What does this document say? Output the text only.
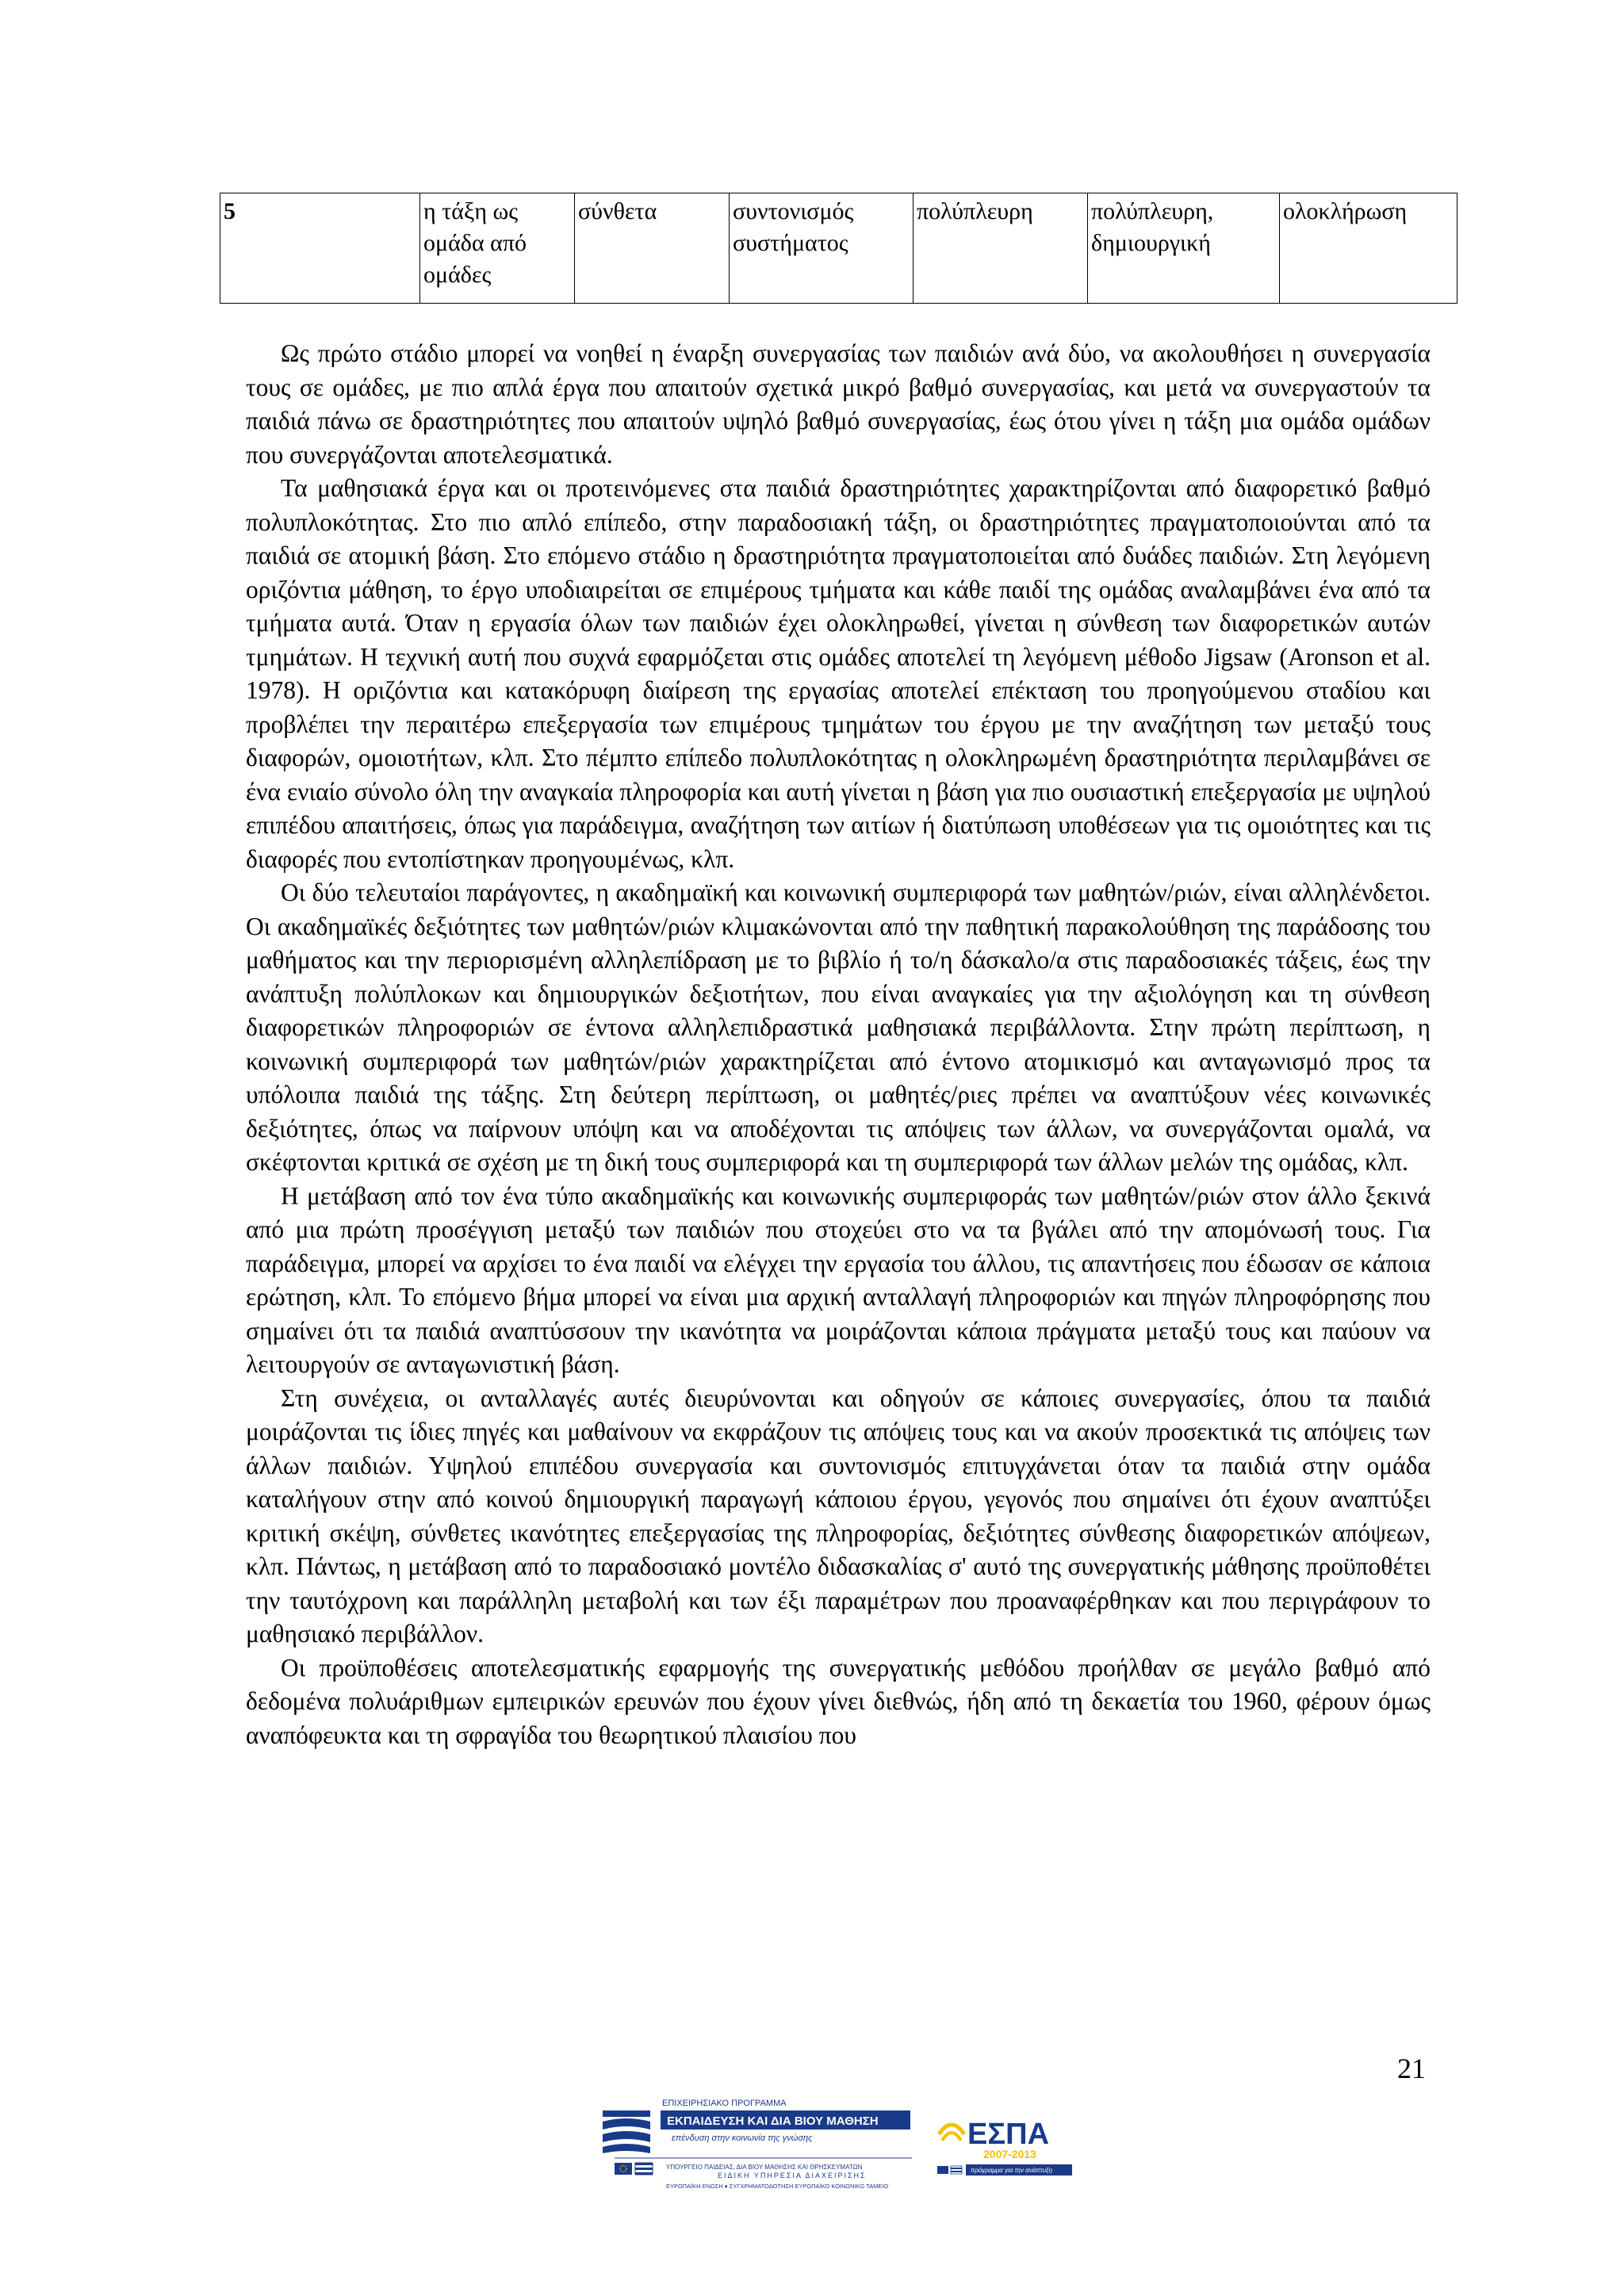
5	η τάξη ως ομάδα από ομάδες	σύνθετα	συντονισμός συστήματος	πολύπλευρη	πολύπλευρη, δημιουργική	ολοκλήρωση

Ως πρώτο στάδιο μπορεί να νοηθεί η έναρξη συνεργασίας των παιδιών ανά δύο, να ακολουθήσει η συνεργασία τους σε ομάδες, με πιο απλά έργα που απαιτούν σχετικά μικρό βαθμό συνεργασίας, και μετά να συνεργαστούν τα παιδιά πάνω σε δραστηριότητες που απαιτούν υψηλό βαθμό συνεργασίας, έως ότου γίνει η τάξη μια ομάδα ομάδων που συνεργάζονται αποτελεσματικά.

Τα μαθησιακά έργα και οι προτεινόμενες στα παιδιά δραστηριότητες χαρακτηρίζονται από διαφορετικό βαθμό πολυπλοκότητας. Στο πιο απλό επίπεδο, στην παραδοσιακή τάξη, οι δραστηριότητες πραγματοποιούνται από τα παιδιά σε ατομική βάση. Στο επόμενο στάδιο η δραστηριότητα πραγματοποιείται από δυάδες παιδιών. Στη λεγόμενη οριζόντια μάθηση, το έργο υποδιαιρείται σε επιμέρους τμήματα και κάθε παιδί της ομάδας αναλαμβάνει ένα από τα τμήματα αυτά. Όταν η εργασία όλων των παιδιών έχει ολοκληρωθεί, γίνεται η σύνθεση των διαφορετικών αυτών τμημάτων. Η τεχνική αυτή που συχνά εφαρμόζεται στις ομάδες αποτελεί τη λεγόμενη μέθοδο Jigsaw (Aronson et al. 1978). Η οριζόντια και κατακόρυφη διαίρεση της εργασίας αποτελεί επέκταση του προηγούμενου σταδίου και προβλέπει την περαιτέρω επεξεργασία των επιμέρους τμημάτων του έργου με την αναζήτηση των μεταξύ τους διαφορών, ομοιοτήτων, κλπ. Στο πέμπτο επίπεδο πολυπλοκότητας η ολοκληρωμένη δραστηριότητα περιλαμβάνει σε ένα ενιαίο σύνολο όλη την αναγκαία πληροφορία και αυτή γίνεται η βάση για πιο ουσιαστική επεξεργασία με υψηλού επιπέδου απαιτήσεις, όπως για παράδειγμα, αναζήτηση των αιτίων ή διατύπωση υποθέσεων για τις ομοιότητες και τις διαφορές που εντοπίστηκαν προηγουμένως, κλπ.

Οι δύο τελευταίοι παράγοντες, η ακαδημαϊκή και κοινωνική συμπεριφορά των μαθητών/ριών, είναι αλληλένδετοι. Οι ακαδημαϊκές δεξιότητες των μαθητών/ριών κλιμακώνονται από την παθητική παρακολούθηση της παράδοσης του μαθήματος και την περιορισμένη αλληλεπίδραση με το βιβλίο ή το/η δάσκαλο/α στις παραδοσιακές τάξεις, έως την ανάπτυξη πολύπλοκων και δημιουργικών δεξιοτήτων, που είναι αναγκαίες για την αξιολόγηση και τη σύνθεση διαφορετικών πληροφοριών σε έντονα αλληλεπιδραστικά μαθησιακά περιβάλλοντα. Στην πρώτη περίπτωση, η κοινωνική συμπεριφορά των μαθητών/ριών χαρακτηρίζεται από έντονο ατομικισμό και ανταγωνισμό προς τα υπόλοιπα παιδιά της τάξης. Στη δεύτερη περίπτωση, οι μαθητές/ριες πρέπει να αναπτύξουν νέες κοινωνικές δεξιότητες, όπως να παίρνουν υπόψη και να αποδέχονται τις απόψεις των άλλων, να συνεργάζονται ομαλά, να σκέφτονται κριτικά σε σχέση με τη δική τους συμπεριφορά και τη συμπεριφορά των άλλων μελών της ομάδας, κλπ.

Η μετάβαση από τον ένα τύπο ακαδημαϊκής και κοινωνικής συμπεριφοράς των μαθητών/ριών στον άλλο ξεκινά από μια πρώτη προσέγγιση μεταξύ των παιδιών που στοχεύει στο να τα βγάλει από την απομόνωσή τους. Για παράδειγμα, μπορεί να αρχίσει το ένα παιδί να ελέγχει την εργασία του άλλου, τις απαντήσεις που έδωσαν σε κάποια ερώτηση, κλπ. Το επόμενο βήμα μπορεί να είναι μια αρχική ανταλλαγή πληροφοριών και πηγών πληροφόρησης που σημαίνει ότι τα παιδιά αναπτύσσουν την ικανότητα να μοιράζονται κάποια πράγματα μεταξύ τους και παύουν να λειτουργούν σε ανταγωνιστική βάση.

Στη συνέχεια, οι ανταλλαγές αυτές διευρύνονται και οδηγούν σε κάποιες συνεργασίες, όπου τα παιδιά μοιράζονται τις ίδιες πηγές και μαθαίνουν να εκφράζουν τις απόψεις τους και να ακούν προσεκτικά τις απόψεις των άλλων παιδιών. Υψηλού επιπέδου συνεργασία και συντονισμός επιτυγχάνεται όταν τα παιδιά στην ομάδα καταλήγουν στην από κοινού δημιουργική παραγωγή κάποιου έργου, γεγονός που σημαίνει ότι έχουν αναπτύξει κριτική σκέψη, σύνθετες ικανότητες επεξεργασίας της πληροφορίας, δεξιότητες σύνθεσης διαφορετικών απόψεων, κλπ. Πάντως, η μετάβαση από το παραδοσιακό μοντέλο διδασκαλίας σ' αυτό της συνεργατικής μάθησης προϋποθέτει την ταυτόχρονη και παράλληλη μεταβολή και των έξι παραμέτρων που προαναφέρθηκαν και που περιγράφουν το μαθησιακό περιβάλλον.

Οι προϋποθέσεις αποτελεσματικής εφαρμογής της συνεργατικής μεθόδου προήλθαν σε μεγάλο βαθμό από δεδομένα πολυάριθμων εμπειρικών ερευνών που έχουν γίνει διεθνώς, ήδη από τη δεκαετία του 1960, φέρουν όμως αναπόφευκτα και τη σφραγίδα του θεωρητικού πλαισίου που

21
ΕΠΙΧΕΙΡΗΣΙΑΚΟ ΠΡΟΓΡΑΜΜΑ
ΕΚΠΑΙΔΕΥΣΗ ΚΑΙ ΔΙΑ ΒΙΟΥ ΜΑΘΗΣΗ
επένδυση στην κοινωνία της γνώσης
ΥΠΟΥΡΓΕΙΟ ΠΑΙΔΕΙΑΣ, ΔΙΑ ΒΙΟΥ ΜΑΘΗΣΗΣ ΚΑΙ ΘΡΗΣΚΕΥΜΑΤΩΝ
ΕΙΔΙΚΗ ΥΠΗΡΕΣΙΑ ΔΙΑΧΕΙΡΙΣΗΣ
ΕΥΡΩΠΑΪΚΗ ΕΝΩΣΗ ♦ ΣΥΓΧΡΗΜΑΤΟΔΟΤΗΣΗ ΕΥΡΩΠΑΪΚΟ ΚΟΙΝΩΝΙΚΟ ΤΑΜΕΙΟ
ΕΣΠΑ
2007-2013
πρόγραμμα για την ανάπτυξη
